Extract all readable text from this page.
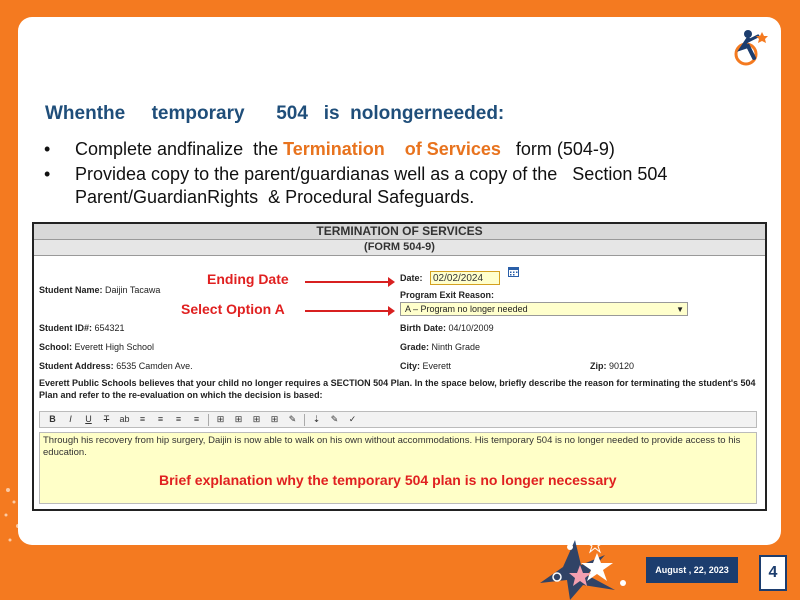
Whenthe     temporary      504   is  nolongerneeded:
•	Complete andfinalize  the Termination    of Services   form (504-9)
•	Providea copy to the parent/guardianas well as a copy of the   Section 504 Parent/GuardianRights  & Procedural Safeguards.
TERMINATION OF SERVICES
(FORM 504-9)
Student Name: Daijin Tacawa
Date:	02/02/2024
Program Exit Reason:
A – Program no longer needed	▼
Student ID#: 654321	Birth Date: 04/10/2009
School: Everett High School	Grade: Ninth Grade
Student Address: 6535 Camden Ave.	City: Everett	Zip: 90120
Everett Public Schools believes that your child no longer requires a SECTION 504 Plan. In the space below, briefly describe the reason for terminating the student's 504 Plan and refer to the re-evaluation on which the decision is based:
B	I	U	T	ab	≡	≡	≡	≡	⊞	⊞	⊞	⊞	✎	⇣	✎	✓
Through his recovery from hip surgery, Daijin is now able to walk on his own without accommodations. His temporary 504 is no longer needed to provide access to his education.
Brief explanation why the temporary 504 plan is no longer necessary
Ending Date
Select Option A
August , 22, 2023	4
